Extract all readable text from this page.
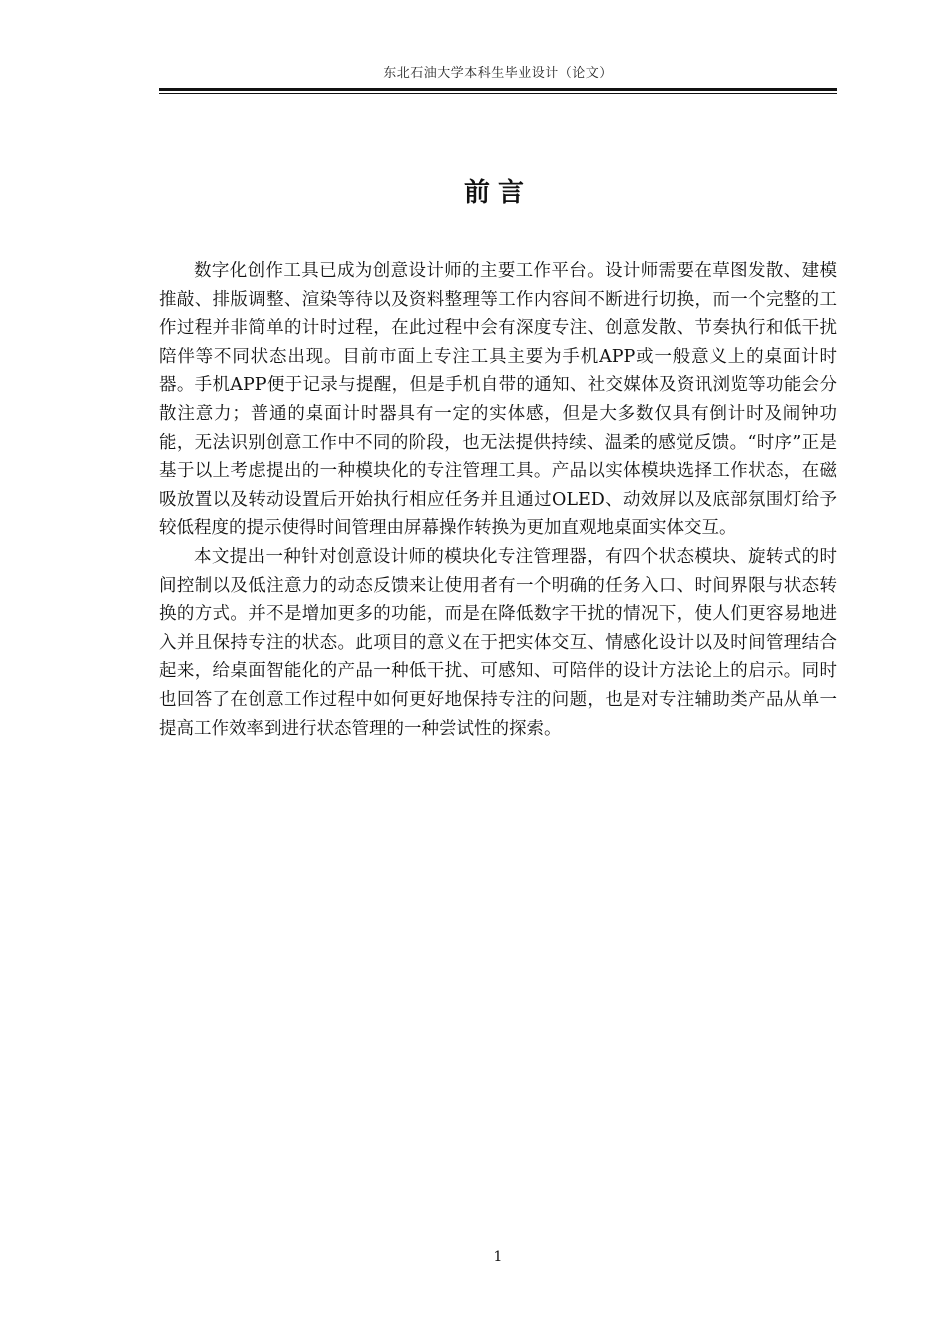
东北石油大学本科生毕业设计（论文）
前言

数字化创作工具已成为创意设计师的主要工作平台。设计师需要在草图发散、建模推敲、排版调整、渲染等待以及资料整理等工作内容间不断进行切换，而一个完整的工作过程并非简单的计时过程，在此过程中会有深度专注、创意发散、节奏执行和低干扰陪伴等不同状态出现。目前市面上专注工具主要为手机APP或一般意义上的桌面计时器。手机APP便于记录与提醒，但是手机自带的通知、社交媒体及资讯浏览等功能会分散注意力；普通的桌面计时器具有一定的实体感，但是大多数仅具有倒计时及闹钟功能，无法识别创意工作中不同的阶段，也无法提供持续、温柔的感觉反馈。“时序”正是基于以上考虑提出的一种模块化的专注管理工具。产品以实体模块选择工作状态，在磁吸放置以及转动设置后开始执行相应任务并且通过OLED、动效屏以及底部氛围灯给予较低程度的提示使得时间管理由屏幕操作转换为更加直观地桌面实体交互。

本文提出一种针对创意设计师的模块化专注管理器，有四个状态模块、旋转式的时间控制以及低注意力的动态反馈来让使用者有一个明确的任务入口、时间界限与状态转换的方式。并不是增加更多的功能，而是在降低数字干扰的情况下，使人们更容易地进入并且保持专注的状态。此项目的意义在于把实体交互、情感化设计以及时间管理结合起来，给桌面智能化的产品一种低干扰、可感知、可陪伴的设计方法论上的启示。同时也回答了在创意工作过程中如何更好地保持专注的问题，也是对专注辅助类产品从单一提高工作效率到进行状态管理的一种尝试性的探索。

1
